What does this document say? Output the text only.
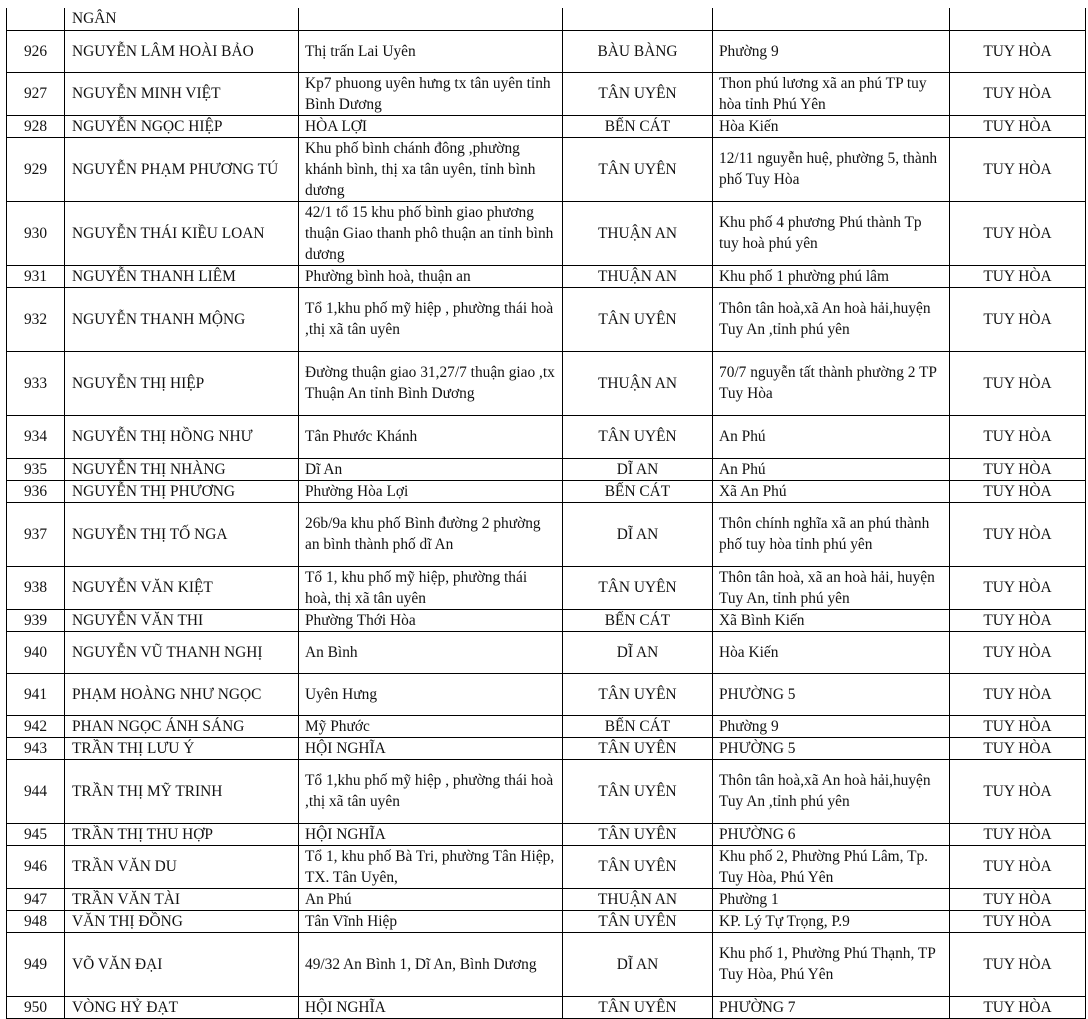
	NGÂN				
926	NGUYỄN LÂM HOÀI BẢO	Thị trấn Lai Uyên	BÀU BÀNG	Phường 9	TUY HÒA
927	NGUYỄN MINH VIỆT	Kp7 phuong uyên hưng tx tân uyên tỉnh Bình Dương	TÂN UYÊN	Thon phú lương xã an phú TP tuy hòa tỉnh Phú Yên	TUY HÒA
928	NGUYỄN NGỌC HIỆP	HÒA LỢI	BẾN CÁT	Hòa Kiến	TUY HÒA
929	NGUYỄN PHẠM PHƯƠNG TÚ	Khu phố bình chánh đông ,phường khánh bình, thị xa tân uyên, tỉnh bình dương	TÂN UYÊN	12/11 nguyễn huệ, phường 5, thành phố Tuy Hòa	TUY HÒA
930	NGUYỄN THÁI KIỀU LOAN	42/1 tổ 15 khu phố bình giao phương thuận Giao thanh phô thuận an tỉnh bình dương	THUẬN AN	Khu phố 4 phương Phú thành Tp tuy hoà phú yên	TUY HÒA
931	NGUYỄN THANH LIÊM	Phường bình hoà, thuận an	THUẬN AN	Khu phố 1 phường phú lâm	TUY HÒA
932	NGUYỄN THANH MỘNG	Tổ 1,khu phố mỹ hiệp , phường thái hoà ,thị xã tân uyên	TÂN UYÊN	Thôn tân hoà,xã An hoà hải,huyện Tuy An ,tỉnh phú yên	TUY HÒA
933	NGUYỄN THỊ HIỆP	Đường thuận giao 31,27/7 thuận giao ,tx Thuận An tỉnh Bình Dương	THUẬN AN	70/7 nguyễn tất thành phường 2 TP Tuy Hòa	TUY HÒA
934	NGUYỄN THỊ HỒNG NHƯ	Tân Phước Khánh	TÂN UYÊN	An Phú	TUY HÒA
935	NGUYỄN THỊ NHÀNG	Dĩ An	DĨ AN	An Phú	TUY HÒA
936	NGUYỄN THỊ PHƯƠNG	Phường Hòa Lợi	BẾN CÁT	Xã An Phú	TUY HÒA
937	NGUYỄN THỊ TỐ NGA	26b/9a khu phố Bình đường 2 phường an bình thành phố dĩ An	DĨ AN	Thôn chính nghĩa xã an phú thành phố tuy hòa tỉnh phú yên	TUY HÒA
938	NGUYỄN VĂN KIỆT	Tổ 1, khu phố mỹ hiệp, phường thái hoà, thị xã tân uyên	TÂN UYÊN	Thôn tân hoà, xã an hoà hải, huyện Tuy An, tỉnh phú yên	TUY HÒA
939	NGUYỄN VĂN THI	Phường Thới Hòa	BẾN CÁT	Xã Bình Kiến	TUY HÒA
940	NGUYỄN VŨ THANH NGHỊ	An Bình	DĨ AN	Hòa Kiến	TUY HÒA
941	PHẠM HOÀNG NHƯ NGỌC	Uyên Hưng	TÂN UYÊN	PHƯỜNG 5	TUY HÒA
942	PHAN NGỌC ÁNH SÁNG	Mỹ Phước	BẾN CÁT	Phường 9	TUY HÒA
943	TRẦN THỊ LƯU Ý	HỘI NGHĨA	TÂN UYÊN	PHƯỜNG 5	TUY HÒA
944	TRẦN THỊ MỸ TRINH	Tổ 1,khu phố mỹ hiệp , phường thái hoà ,thị xã tân uyên	TÂN UYÊN	Thôn tân hoà,xã An hoà hải,huyện Tuy An ,tỉnh phú yên	TUY HÒA
945	TRẦN THỊ THU HỢP	HỘI NGHĨA	TÂN UYÊN	PHƯỜNG 6	TUY HÒA
946	TRẦN VĂN DU	Tổ 1, khu phố Bà Tri, phường Tân Hiệp, TX. Tân Uyên,	TÂN UYÊN	Khu phố 2, Phường Phú Lâm, Tp. Tuy Hòa, Phú Yên	TUY HÒA
947	TRẦN VĂN TÀI	An Phú	THUẬN AN	Phường 1	TUY HÒA
948	VĂN THỊ ĐỒNG	Tân Vĩnh Hiệp	TÂN UYÊN	KP. Lý Tự Trọng, P.9	TUY HÒA
949	VÕ VĂN ĐẠI	49/32 An Bình 1, Dĩ An, Bình Dương	DĨ AN	Khu phố 1, Phường Phú Thạnh, TP Tuy Hòa, Phú Yên	TUY HÒA
950	VÒNG HỶ ĐẠT	HỘI NGHĨA	TÂN UYÊN	PHƯỜNG 7	TUY HÒA
